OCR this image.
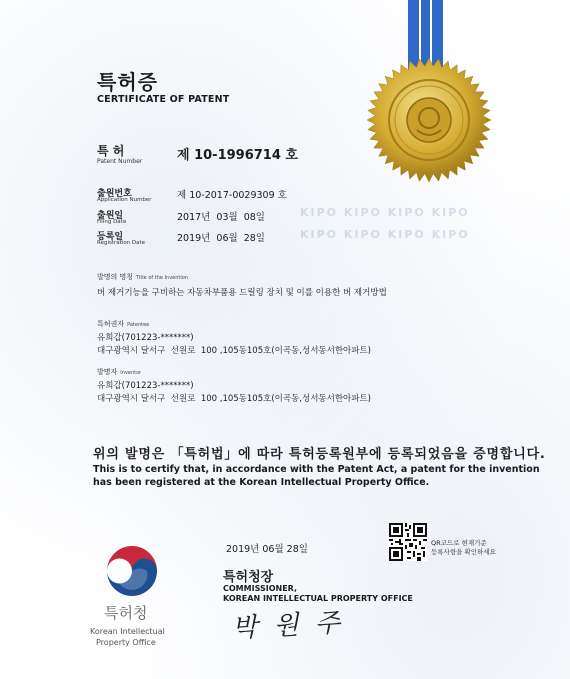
KIPO KIPO KIPO KIPO
KIPO KIPO KIPO KIPO
특허증
CERTIFICATE OF PATENT
특 허
Patent Number	제 10-1996714 호
출원번호
Application Number	제 10-2017-0029309 호
출원일
Filing Date	2017년  03월  08일
등록일
Registration Date	2019년  06월  28일
발명의 명칭 Title of the Invention
버 제거기능을 구비하는 자동차부품용 드릴링 장치 및 이를 이용한 버 제거방법
특허권자 Patentee
유희갑(701223-*******)
대구광역시 달서구  선원로  100 ,105동105호(이곡동,성서동서한아파트)
발명자 Inventor
유희갑(701223-*******)
대구광역시 달서구  선원로  100 ,105동105호(이곡동,성서동서한아파트)
위의 발명은 「특허법」에 따라 특허등록원부에 등록되었음을 증명합니다.
This is to certify that, in accordance with the Patent Act, a patent for the invention
has been registered at the Korean Intellectual Property Office.
2019년 06월 28일
QR코드로 현재기준
등록사항을 확인하세요
특허청
Korean Intellectual
Property Office
특허청장
COMMISSIONER,
KOREAN INTELLECTUAL PROPERTY OFFICE
박 원 주
